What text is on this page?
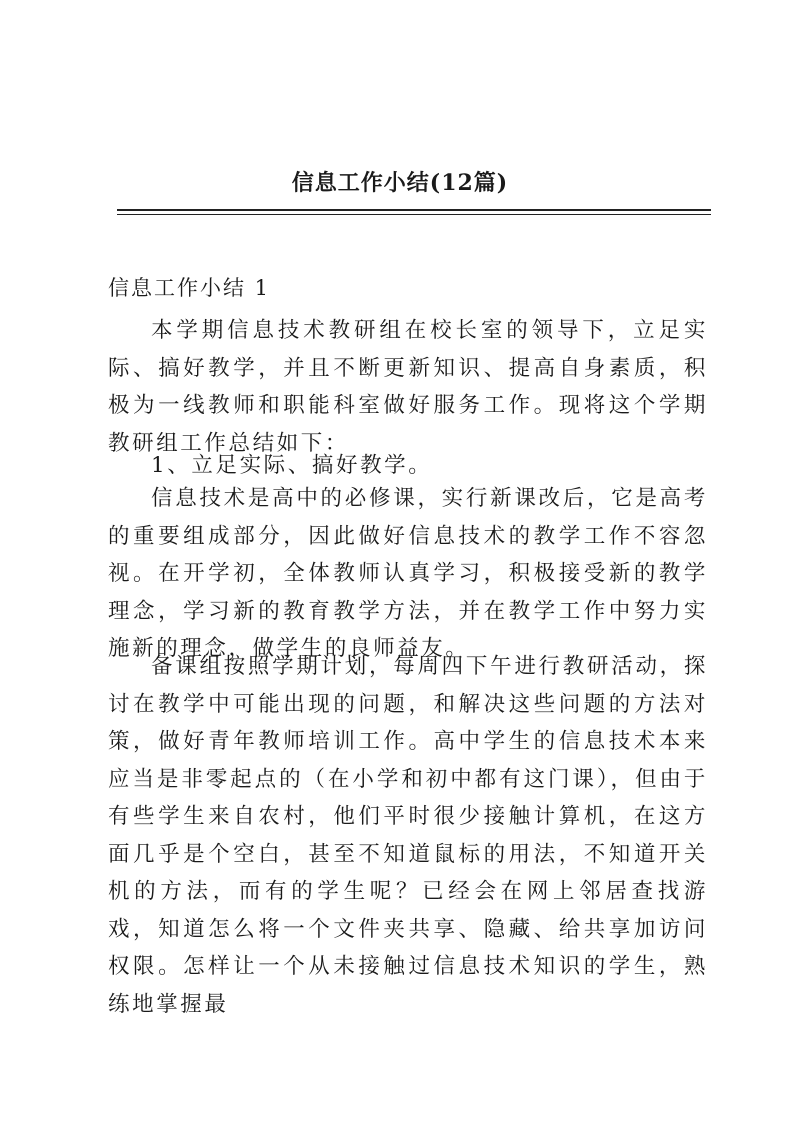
信息工作小结(12篇)
信息工作小结 1

本学期信息技术教研组在校长室的领导下，立足实际、搞好教学，并且不断更新知识、提高自身素质，积极为一线教师和职能科室做好服务工作。现将这个学期教研组工作总结如下：

1、立足实际、搞好教学。

信息技术是高中的必修课，实行新课改后，它是高考的重要组成部分，因此做好信息技术的教学工作不容忽视。在开学初，全体教师认真学习，积极接受新的教学理念，学习新的教育教学方法，并在教学工作中努力实施新的理念，做学生的良师益友。

备课组按照学期计划，每周四下午进行教研活动，探讨在教学中可能出现的问题，和解决这些问题的方法对策，做好青年教师培训工作。高中学生的信息技术本来应当是非零起点的（在小学和初中都有这门课），但由于有些学生来自农村，他们平时很少接触计算机，在这方面几乎是个空白，甚至不知道鼠标的用法，不知道开关机的方法，而有的学生呢？已经会在网上邻居查找游戏，知道怎么将一个文件夹共享、隐藏、给共享加访问权限。怎样让一个从未接触过信息技术知识的学生，熟练地掌握最
